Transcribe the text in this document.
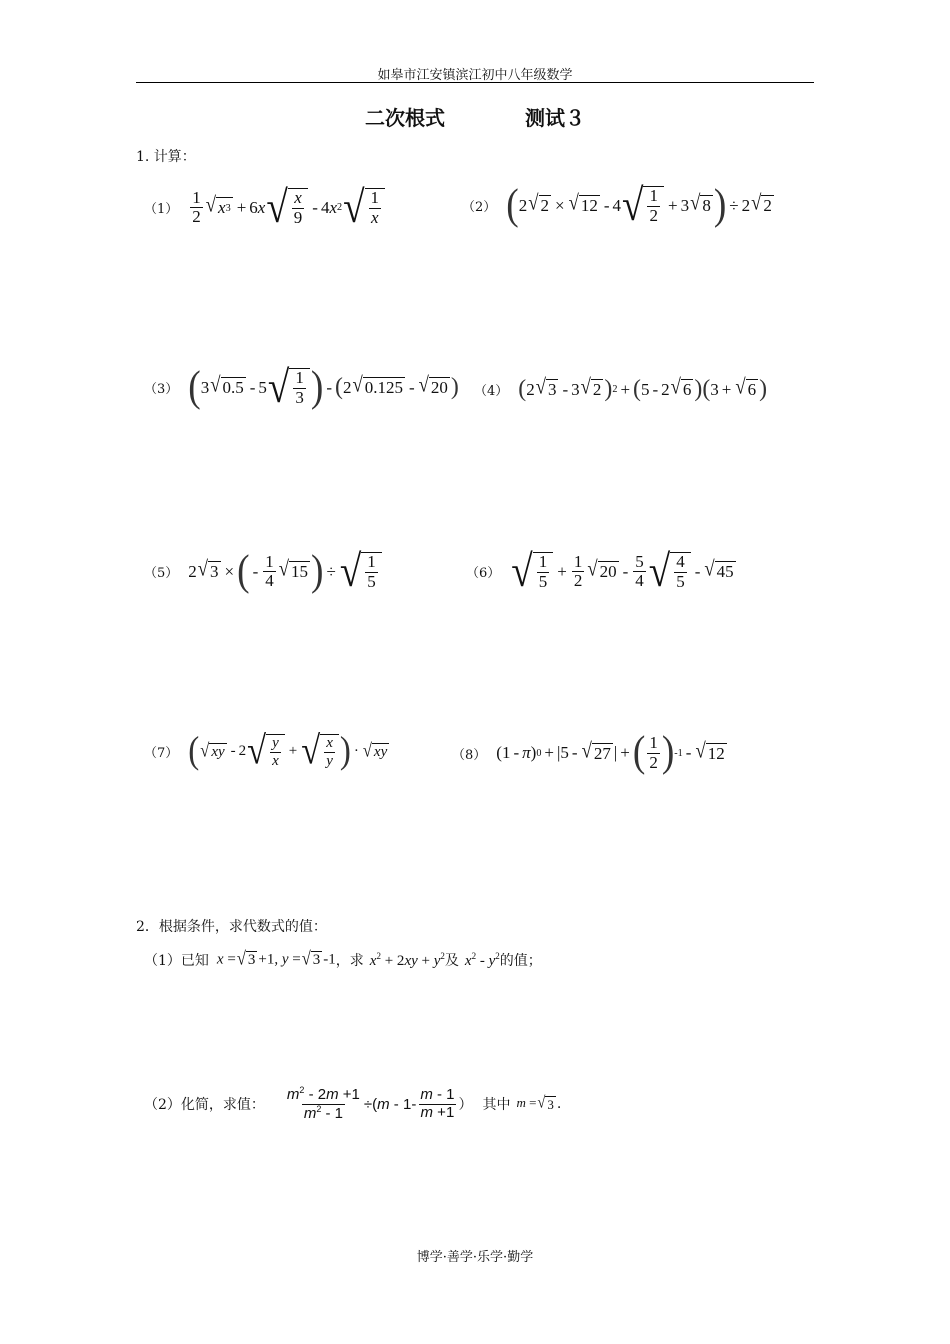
如皋市江安镇滨江初中八年级数学
二次根式	测试３
1. 计算：
$(1) \frac{1}{2}$ √ x 3 + 6 x √ $\frac{x}{9} - 4$ x 2 √ $\frac{1}{x}$	（2） ( 2 √ 2 × √ 12 - 4 √ $\frac{1}{2} + 3$ √ 8 ) ÷ 2 √ 2
（3） ( 3 √ 0.5 - 5 √ $\frac{1}{3}$ ) - ( 2 √ 0.125 - √ 20 ) （4） ( 2 √ 3 - 3 √ 2 ) 2 + ( 5 - 2 √ 6 ) ( 3 + √ 6 )
（5） 2 √ 3 × ( - $\frac{1}{4}$ √ 15 ) ÷ √ $\frac{1}{5}$	（6） √ $\frac{1}{5} + \frac{1}{2}$ √ $20 - \frac{5}{4}$ √ $\frac{4}{5}$ - √ 45
（7） ( √ xy - 2 √ $\frac{y}{x}$ + √ $\frac{x}{y}$ ) · √ xy	（8） (1 - π ) 0 + |5 - √ 27 | + ( $\frac{1}{2}$ ) -1 - √ 12
2．根据条件，求代数式的值：
（1）已知 x = √ 3 +1, y = √ 3 -1 ，求 $x^2 + 2xy + y^2$ 及 $x^2 - y^2$ 的值；
（2）化简，求值： $\frac{m^2 - 2m +1}{m^2 - 1} \div(m - 1- \frac{m - 1}{m +1}$ ） 其中 m = √ 3 .
博学·善学·乐学·勤学
